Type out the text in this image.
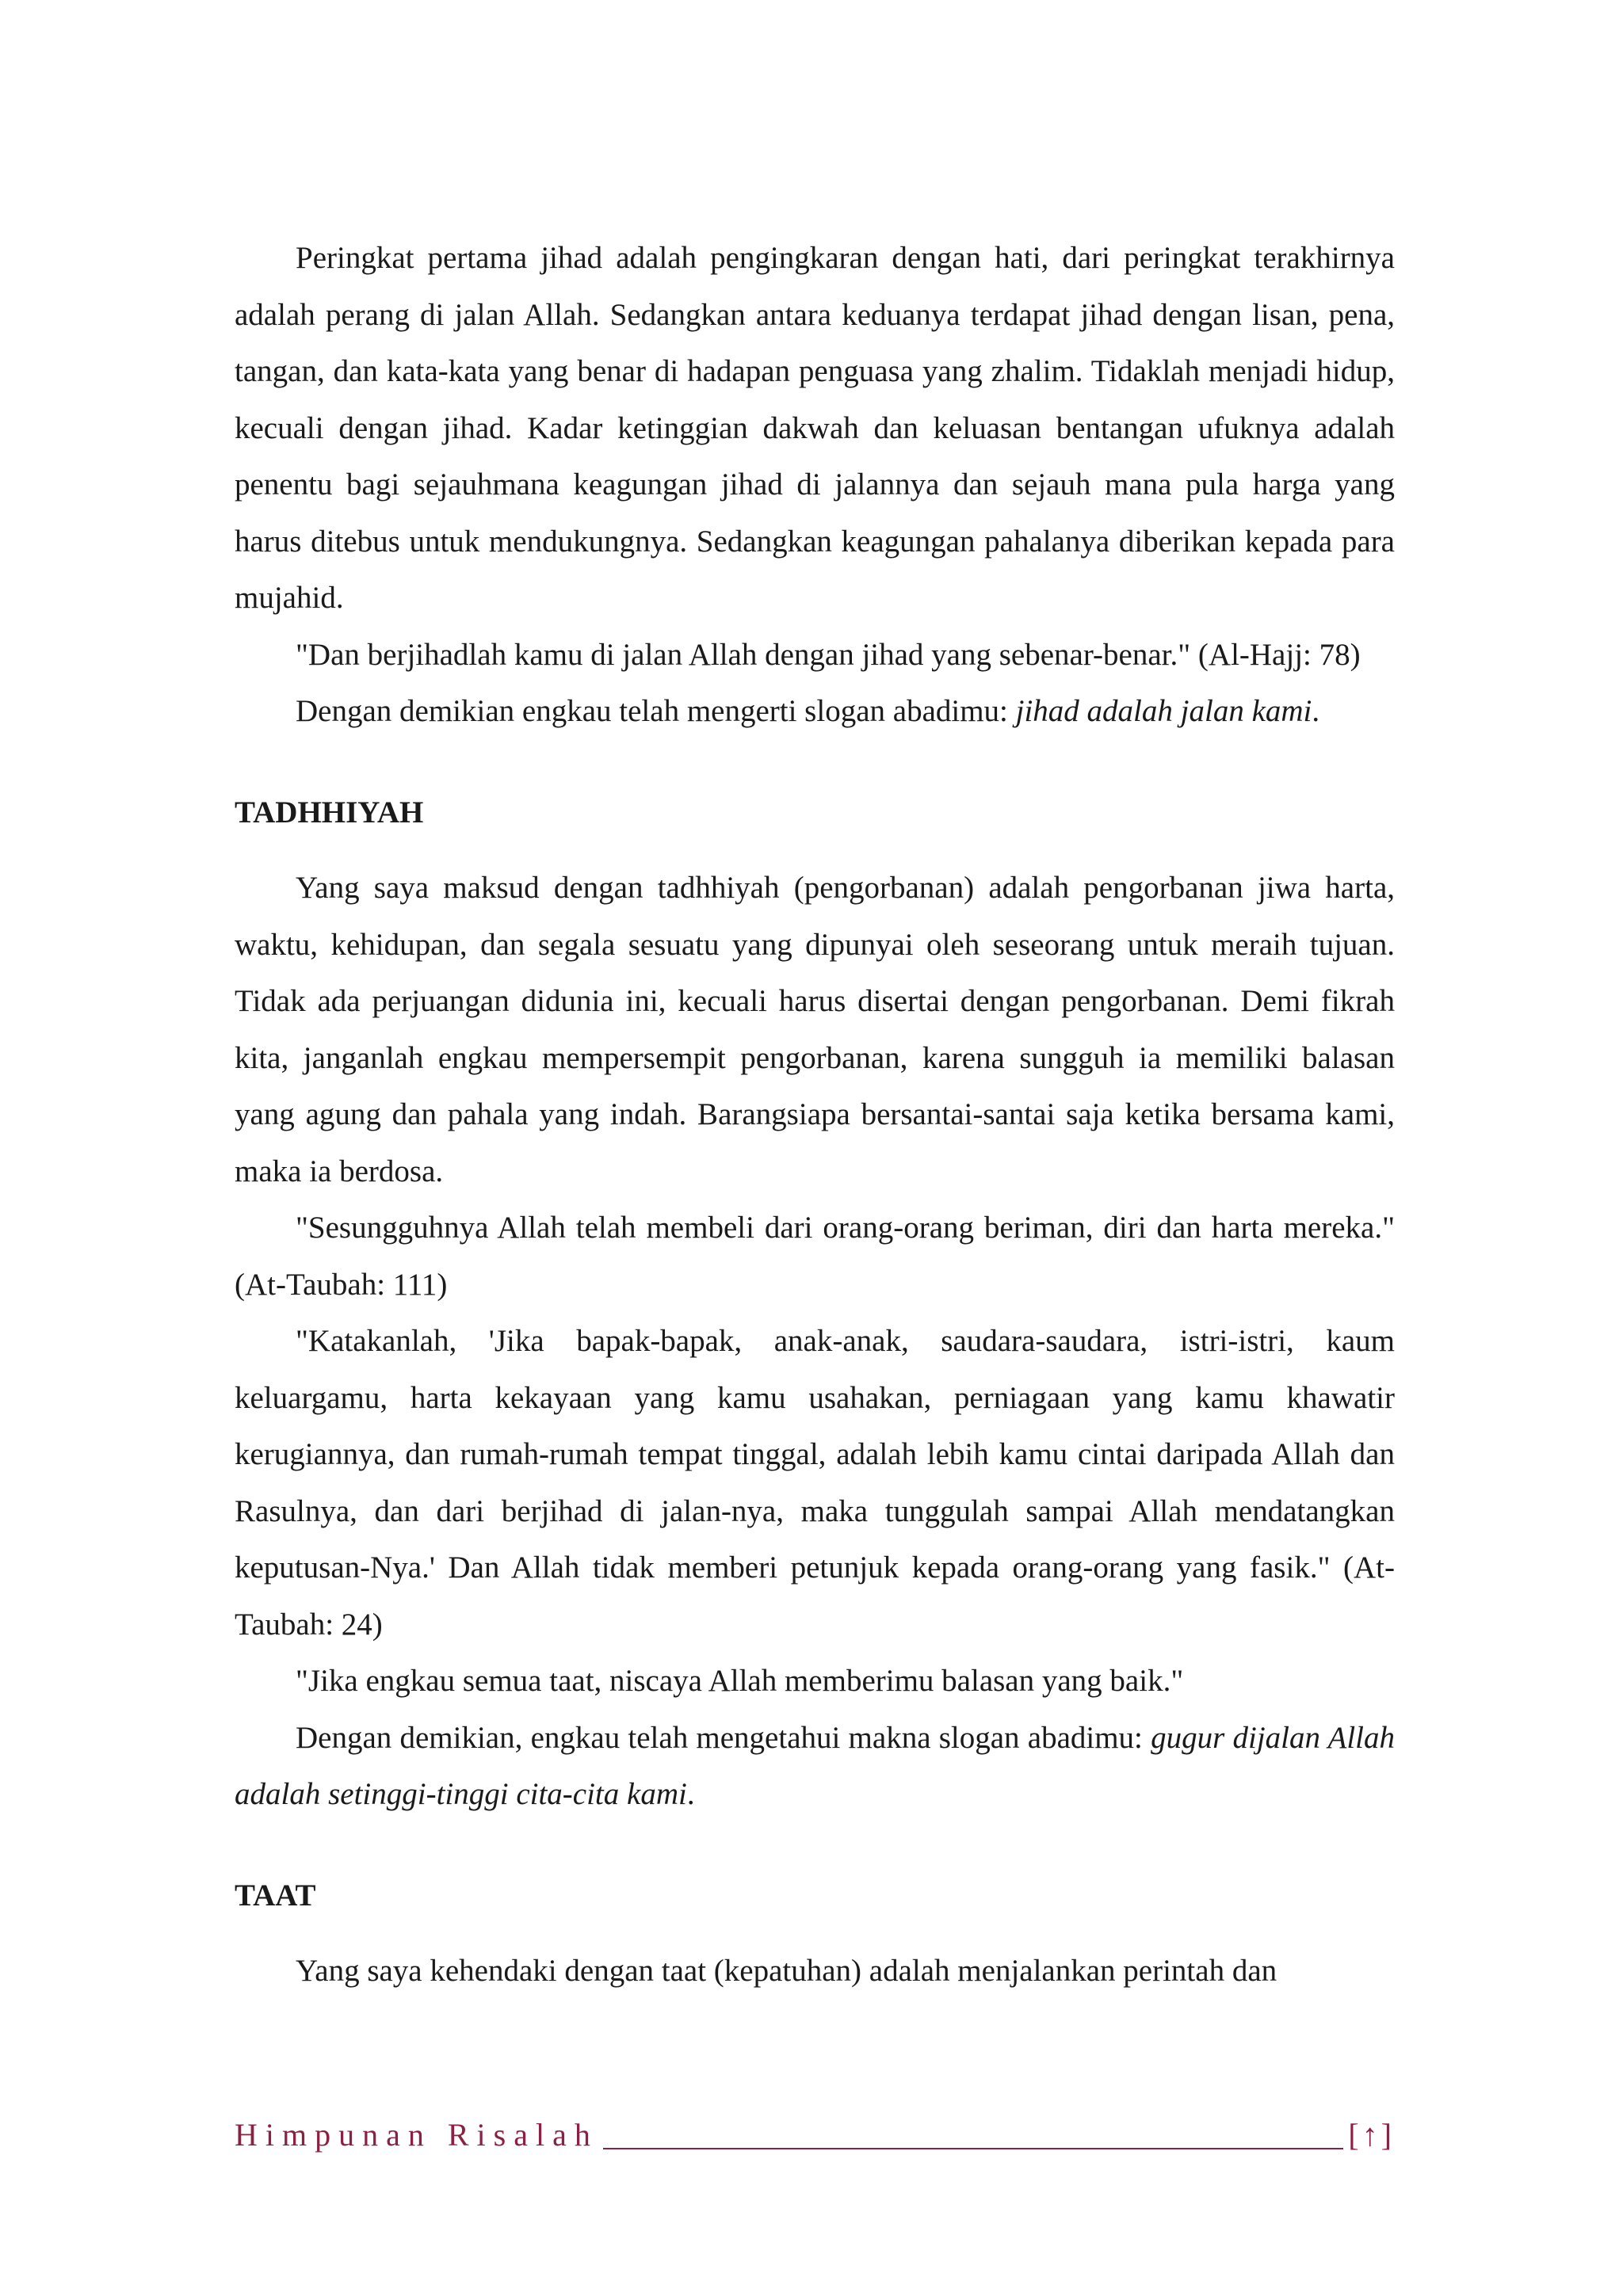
Peringkat pertama jihad adalah pengingkaran dengan hati, dari peringkat terakhirnya adalah perang di jalan Allah. Sedangkan antara keduanya terdapat jihad dengan lisan, pena, tangan, dan kata-kata yang benar di hadapan penguasa yang zhalim. Tidaklah menjadi hidup, kecuali dengan jihad. Kadar ketinggian dakwah dan keluasan bentangan ufuknya adalah penentu bagi sejauhmana keagungan jihad di jalannya dan sejauh mana pula harga yang harus ditebus untuk mendukungnya. Sedangkan keagungan pahalanya diberikan kepada para mujahid.

"Dan berjihadlah kamu di jalan Allah dengan jihad yang sebenar-benar." (Al-Hajj: 78)

Dengan demikian engkau telah mengerti slogan abadimu: jihad adalah jalan kami.

TADHHIYAH

Yang saya maksud dengan tadhhiyah (pengorbanan) adalah pengorbanan jiwa harta, waktu, kehidupan, dan segala sesuatu yang dipunyai oleh seseorang untuk meraih tujuan. Tidak ada perjuangan didunia ini, kecuali harus disertai dengan pengorbanan. Demi fikrah kita, janganlah engkau mempersempit pengorbanan, karena sungguh ia memiliki balasan yang agung dan pahala yang indah. Barangsiapa bersantai-santai saja ketika bersama kami, maka ia berdosa.

"Sesungguhnya Allah telah membeli dari orang-orang beriman, diri dan harta mereka." (At-Taubah: 111)

"Katakanlah, 'Jika bapak-bapak, anak-anak, saudara-saudara, istri-istri, kaum keluargamu, harta kekayaan yang kamu usahakan, perniagaan yang kamu khawatir kerugiannya, dan rumah-rumah tempat tinggal, adalah lebih kamu cintai daripada Allah dan Rasulnya, dan dari berjihad di jalan-nya, maka tunggulah sampai Allah mendatangkan keputusan-Nya.' Dan Allah tidak memberi petunjuk kepada orang-orang yang fasik." (At-Taubah: 24)

"Jika engkau semua taat, niscaya Allah memberimu balasan yang baik."

Dengan demikian, engkau telah mengetahui makna slogan abadimu: gugur dijalan Allah adalah setinggi-tinggi cita-cita kami.

TAAT

Yang saya kehendaki dengan taat (kepatuhan) adalah menjalankan perintah dan

Himpunan Risalah	[↑]
